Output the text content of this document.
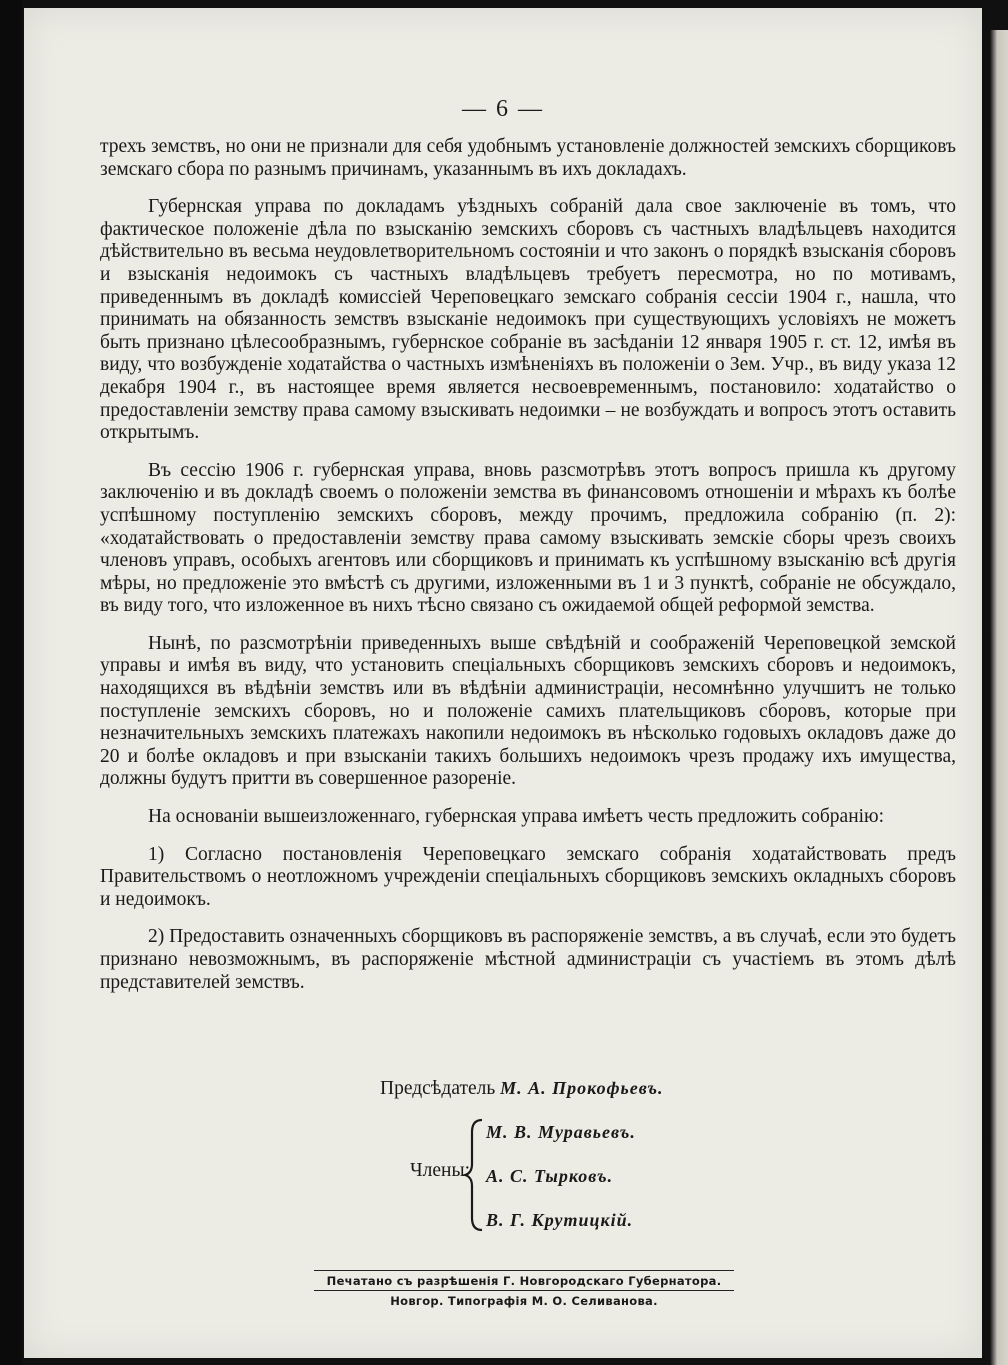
— 6 —

трехъ земствъ, но они не признали для себя удобнымъ установленіе должностей земскихъ сборщиковъ земскаго сбора по разнымъ причинамъ, указаннымъ въ ихъ докладахъ.

Губернская управа по докладамъ уѣздныхъ собраній дала свое заключеніе въ томъ, что фактическое положеніе дѣла по взысканію земскихъ сборовъ съ частныхъ владѣльцевъ находится дѣйствительно въ весьма неудовлетворительномъ состояніи и что законъ о порядкѣ взысканія сборовъ и взысканія недоимокъ съ частныхъ владѣльцевъ требуетъ пересмотра, но по мотивамъ, приведеннымъ въ докладѣ комиссіей Череповецкаго земскаго собранія сессіи 1904 г., нашла, что принимать на обязанность земствъ взысканіе недоимокъ при существующихъ условіяхъ не можетъ быть признано цѣлесообразнымъ, губернское собраніе въ засѣданіи 12 января 1905 г. ст. 12, имѣя въ виду, что возбужденіе ходатайства о частныхъ измѣненіяхъ въ положеніи о Зем. Учр., въ виду указа 12 декабря 1904 г., въ настоящее время является несвоевременнымъ, постановило: ходатайство о предоставленіи земству права самому взыскивать недоимки – не возбуждать и вопросъ этотъ оставить открытымъ.

Въ сессію 1906 г. губернская управа, вновь разсмотрѣвъ этотъ вопросъ пришла къ другому заключенію и въ докладѣ своемъ о положеніи земства въ финансовомъ отношеніи и мѣрахъ къ болѣе успѣшному поступленію земскихъ сборовъ, между прочимъ, предложила собранію (п. 2): «ходатайствовать о предоставленіи земству права самому взыскивать земскіе сборы чрезъ своихъ членовъ управъ, особыхъ агентовъ или сборщиковъ и принимать къ успѣшному взысканію всѣ другія мѣры, но предложеніе это вмѣстѣ съ другими, изложенными въ 1 и 3 пунктѣ, собраніе не обсуждало, въ виду того, что изложенное въ нихъ тѣсно связано съ ожидаемой общей реформой земства.

Нынѣ, по разсмотрѣніи приведенныхъ выше свѣдѣній и соображеній Череповецкой земской управы и имѣя въ виду, что установить спеціальныхъ сборщиковъ земскихъ сборовъ и недоимокъ, находящихся въ вѣдѣніи земствъ или въ вѣдѣніи администраціи, несомнѣнно улучшитъ не только поступленіе земскихъ сборовъ, но и положеніе самихъ плательщиковъ сборовъ, которые при незначительныхъ земскихъ платежахъ накопили недоимокъ въ нѣсколько годовыхъ окладовъ даже до 20 и болѣе окладовъ и при взысканіи такихъ большихъ недоимокъ чрезъ продажу ихъ имущества, должны будутъ притти въ совершенное разореніе.

На основаніи вышеизложеннаго, губернская управа имѣетъ честь предложить собранію:

1) Согласно постановленія Череповецкаго земскаго собранія ходатайствовать предъ Правительствомъ о неотложномъ учрежденіи спеціальныхъ сборщиковъ земскихъ окладныхъ сборовъ и недоимокъ.

2) Предоставить означенныхъ сборщиковъ въ распоряженіе земствъ, а въ случаѣ, если это будетъ признано невозможнымъ, въ распоряженіе мѣстной администраціи съ участіемъ въ этомъ дѣлѣ представителей земствъ.

Предсѣдатель М. А. Прокофьевъ.
Члены:
М. В. Муравьевъ.
А. С. Тырковъ.
В. Г. Крутицкій.
Печатано съ разрѣшенія Г. Новгородскаго Губернатора.
Новгор. Типографія М. О. Селиванова.
